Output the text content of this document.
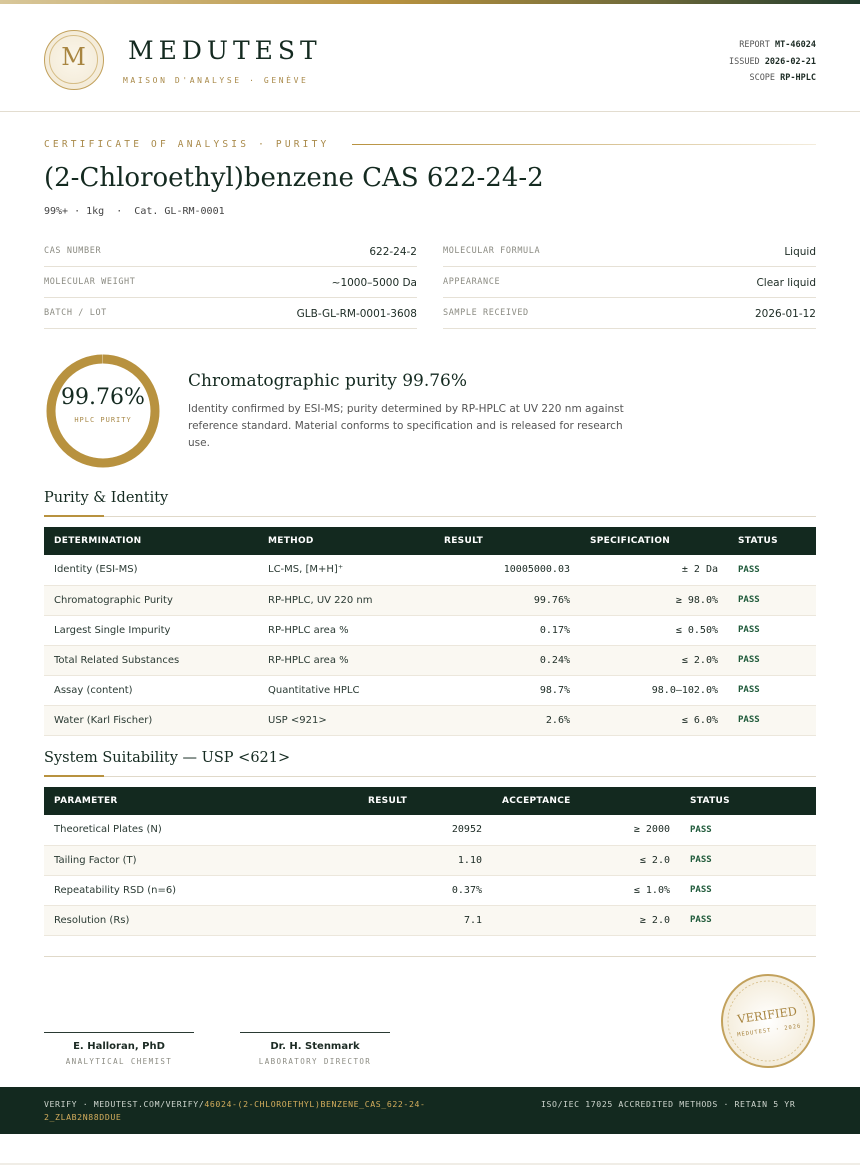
M	MEDUTEST
MAISON D'ANALYSE · GENÈVE
REPORT MT-46024
ISSUED 2026-02-21
SCOPE RP-HPLC
CERTIFICATE OF ANALYSIS · PURITY
(2-Chloroethyl)benzene CAS 622-24-2
99%+ · 1kg  ·  Cat. GL-RM-0001
CAS NUMBER	622-24-2
MOLECULAR WEIGHT	~1000–5000 Da
BATCH / LOT	GLB-GL-RM-0001-3608
MOLECULAR FORMULA	Liquid
APPEARANCE	Clear liquid
SAMPLE RECEIVED	2026-01-12
99.76%
HPLC PURITY
Chromatographic purity 99.76%
Identity confirmed by ESI-MS; purity determined by RP-HPLC at UV 220 nm against reference standard. Material conforms to specification and is released for research use.
Purity & Identity
DETERMINATION	METHOD	RESULT	SPECIFICATION	STATUS
Identity (ESI-MS)	LC-MS, [M+H]⁺	10005000.03	± 2 Da	PASS
Chromatographic Purity	RP-HPLC, UV 220 nm	99.76%	≥ 98.0%	PASS
Largest Single Impurity	RP-HPLC area %	0.17%	≤ 0.50%	PASS
Total Related Substances	RP-HPLC area %	0.24%	≤ 2.0%	PASS
Assay (content)	Quantitative HPLC	98.7%	98.0–102.0%	PASS
Water (Karl Fischer)	USP <921>	2.6%	≤ 6.0%	PASS
System Suitability — USP <621>
PARAMETER	RESULT	ACCEPTANCE	STATUS
Theoretical Plates (N)	20952	≥ 2000	PASS
Tailing Factor (T)	1.10	≤ 2.0	PASS
Repeatability RSD (n=6)	0.37%	≤ 1.0%	PASS
Resolution (Rs)	7.1	≥ 2.0	PASS
E. Halloran, PhD
ANALYTICAL CHEMIST
Dr. H. Stenmark
LABORATORY DIRECTOR
VERIFIED
MEDUTEST · 2026
VERIFY · MEDUTEST.COM/VERIFY/46024-(2-CHLOROETHYL)BENZENE_CAS_622-24-2_ZLAB2N88DDUE
ISO/IEC 17025 ACCREDITED METHODS · RETAIN 5 YR
